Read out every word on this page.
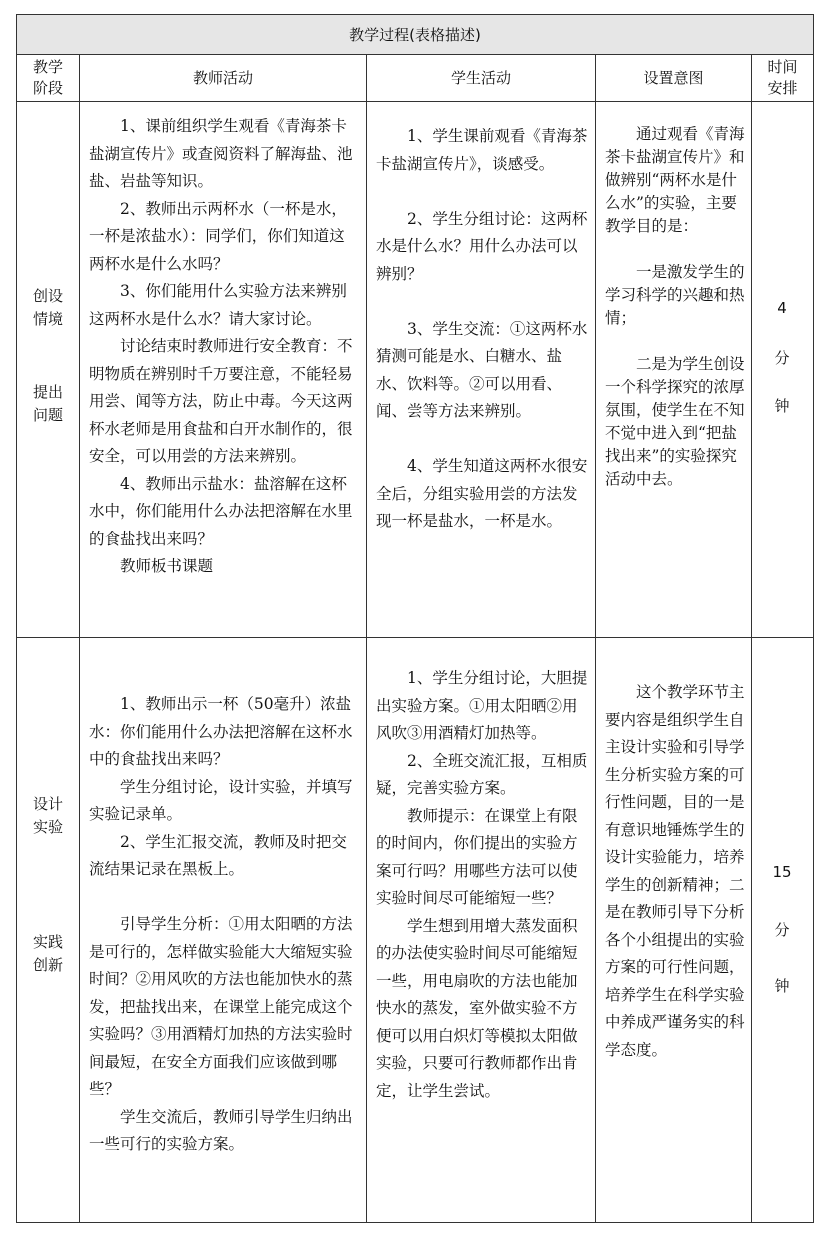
教学过程(表格描述)
教学
阶段
教师活动	学生活动	设置意图
时间
安排
创设
情境
提出
问题

1、课前组织学生观看《青海茶卡盐湖宣传片》或查阅资料了解海盐、池盐、岩盐等知识。

2、教师出示两杯水（一杯是水，一杯是浓盐水）：同学们，你们知道这两杯水是什么水吗？

3、你们能用什么实验方法来辨别这两杯水是什么水？请大家讨论。

讨论结束时教师进行安全教育：不明物质在辨别时千万要注意，不能轻易用尝、闻等方法，防止中毒。今天这两杯水老师是用食盐和白开水制作的，很安全，可以用尝的方法来辨别。

4、教师出示盐水：盐溶解在这杯水中，你们能用什么办法把溶解在水里的食盐找出来吗？

教师板书课题

1、学生课前观看《青海茶卡盐湖宣传片》，谈感受。

2、学生分组讨论：这两杯水是什么水？用什么办法可以辨别？

3、学生交流：①这两杯水猜测可能是水、白糖水、盐水、饮料等。②可以用看、闻、尝等方法来辨别。

4、学生知道这两杯水很安全后，分组实验用尝的方法发现一杯是盐水，一杯是水。

通过观看《青海茶卡盐湖宣传片》和做辨别“两杯水是什么水”的实验，主要教学目的是：

一是激发学生的学习科学的兴趣和热情；

二是为学生创设一个科学探究的浓厚氛围，使学生在不知不觉中进入到“把盐找出来”的实验探究活动中去。

4
分
钟
设计
实验
实践
创新

1、教师出示一杯（50毫升）浓盐水：你们能用什么办法把溶解在这杯水中的食盐找出来吗？

学生分组讨论，设计实验，并填写实验记录单。

2、学生汇报交流，教师及时把交流结果记录在黑板上。

引导学生分析：①用太阳晒的方法是可行的，怎样做实验能大大缩短实验时间？②用风吹的方法也能加快水的蒸发，把盐找出来，在课堂上能完成这个实验吗？③用酒精灯加热的方法实验时间最短，在安全方面我们应该做到哪些？

学生交流后，教师引导学生归纳出一些可行的实验方案。

1、学生分组讨论，大胆提出实验方案。①用太阳晒②用风吹③用酒精灯加热等。

2、全班交流汇报，互相质疑，完善实验方案。

教师提示：在课堂上有限的时间内，你们提出的实验方案可行吗？用哪些方法可以使实验时间尽可能缩短一些？

学生想到用增大蒸发面积的办法使实验时间尽可能缩短一些，用电扇吹的方法也能加快水的蒸发，室外做实验不方便可以用白炽灯等模拟太阳做实验，只要可行教师都作出肯定，让学生尝试。

这个教学环节主要内容是组织学生自主设计实验和引导学生分析实验方案的可行性问题，目的一是有意识地锤炼学生的设计实验能力，培养学生的创新精神；二是在教师引导下分析各个小组提出的实验方案的可行性问题，培养学生在科学实验中养成严谨务实的科学态度。

15
分
钟
